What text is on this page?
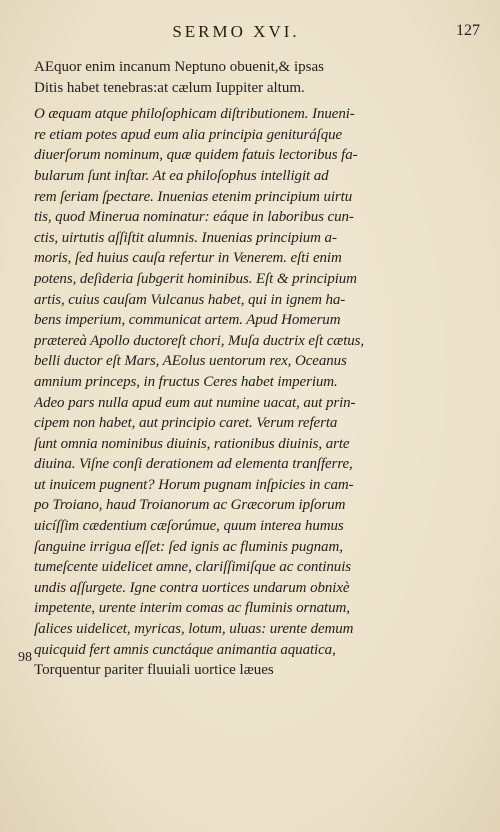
SERMO XVI.	127
AEquor enim incanum Neptuno obuenit,& ipsas
Ditis habet tenebras:at cælum Iuppiter altum.
O æquam atque philoſophicam diſtributionem. Inueni-
re etiam potes apud eum alia principia genituráſque
diuerſorum nominum, quæ quidem fatuis lectoribus fa-
bularum ſunt inſtar. At ea philoſophus intelligit ad
rem ſeriam ſpectare. Inuenias etenim principium uirtu
tis, quod Minerua nominatur: eáque in laboribus cun-
ctis, uirtutis aſſiſtit alumnis. Inuenias principium a-
moris, ſed huius cauſa refertur in Venerem. eſti enim
potens, deſideria ſubgerit hominibus. Eſt & principium
artis, cuius cauſam Vulcanus habet, qui in ignem ha-
bens imperium, communicat artem. Apud Homerum
prætereà Apollo ductoreſt chori, Muſa ductrix eſt cætus,
belli ductor eſt Mars, AEolus uentorum rex, Oceanus
amnium princeps, in fructus Ceres habet imperium.
Adeo pars nulla apud eum aut numine uacat, aut prin-
cipem non habet, aut principio caret. Verum referta
ſunt omnia nominibus diuinis, rationibus diuinis, arte
diuina. Viſne conſi derationem ad elementa tranſferre,
ut inuicem pugnent? Horum pugnam inſpicies in cam-
po Troiano, haud Troianorum ac Græcorum ipſorum
uicíſſim cædentium cæſorúmue, quum interea humus
ſanguine irrigua eſſet: ſed ignis ac fluminis pugnam,
tumeſcente uidelicet amne, clariſſimiſque ac continuis
undis aſſurgete. Igne contra uortices undarum obnixè
impetente, urente interim comas ac fluminis ornatum,
ſalices uidelicet, myricas, lotum, uluas: urente demum
quicquid fert amnis cunctáque animantia aquatica,
Torquentur pariter fluuiali uortice læues
98
